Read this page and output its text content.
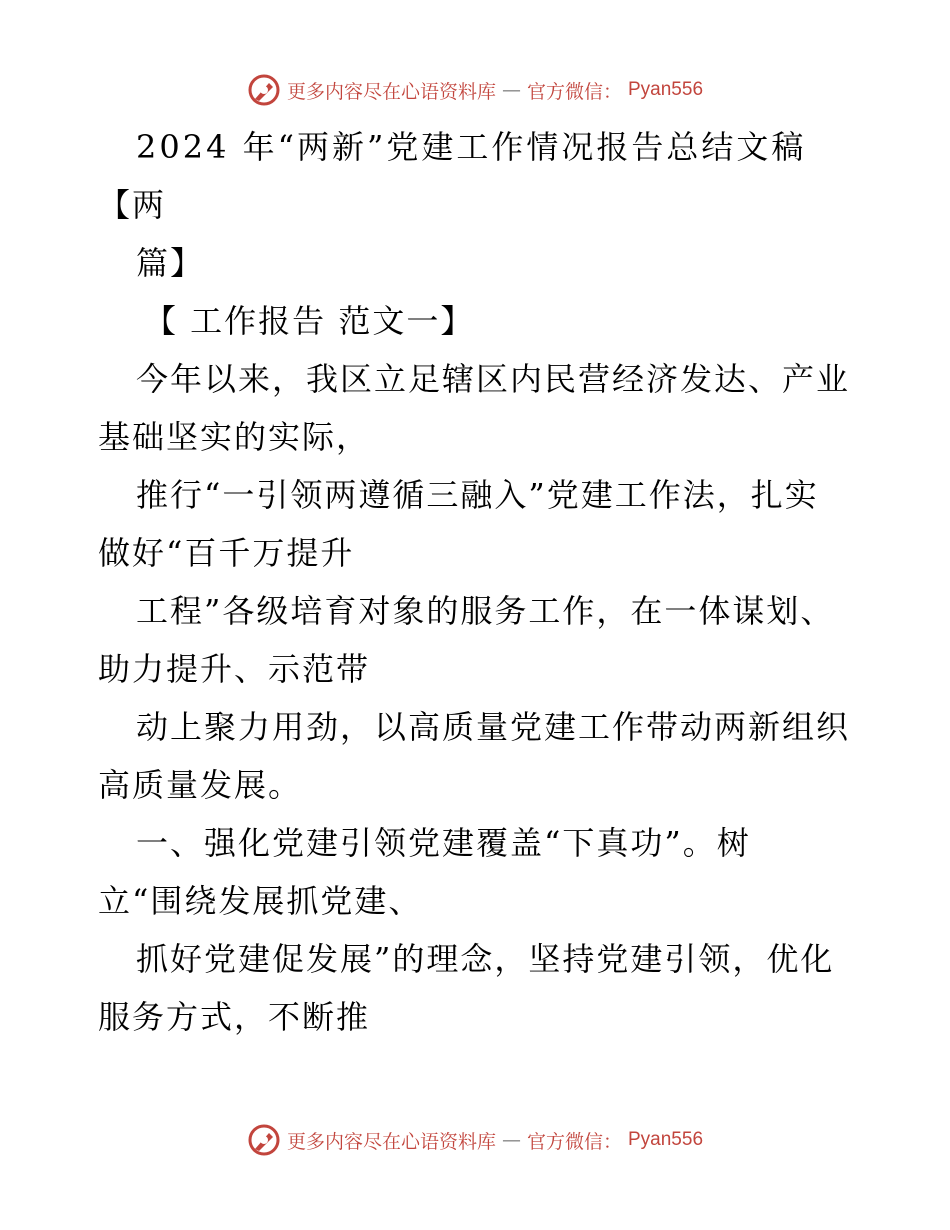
更多内容尽在心语资料库 — 官方微信： Pyan556
2024 年“两新”党建工作情况报告总结文稿
【两
篇】
【 工作报告 范文一】
今年以来，我区立足辖区内民营经济发达、产业
基础坚实的实际，
推行“一引领两遵循三融入”党建工作法，扎实
做好“百千万提升
工程”各级培育对象的服务工作，在一体谋划、
助力提升、示范带
动上聚力用劲，以高质量党建工作带动两新组织
高质量发展。
一、强化党建引领党建覆盖“下真功”。树
立“围绕发展抓党建、
抓好党建促发展”的理念，坚持党建引领，优化
服务方式，不断推
更多内容尽在心语资料库 — 官方微信： Pyan556
